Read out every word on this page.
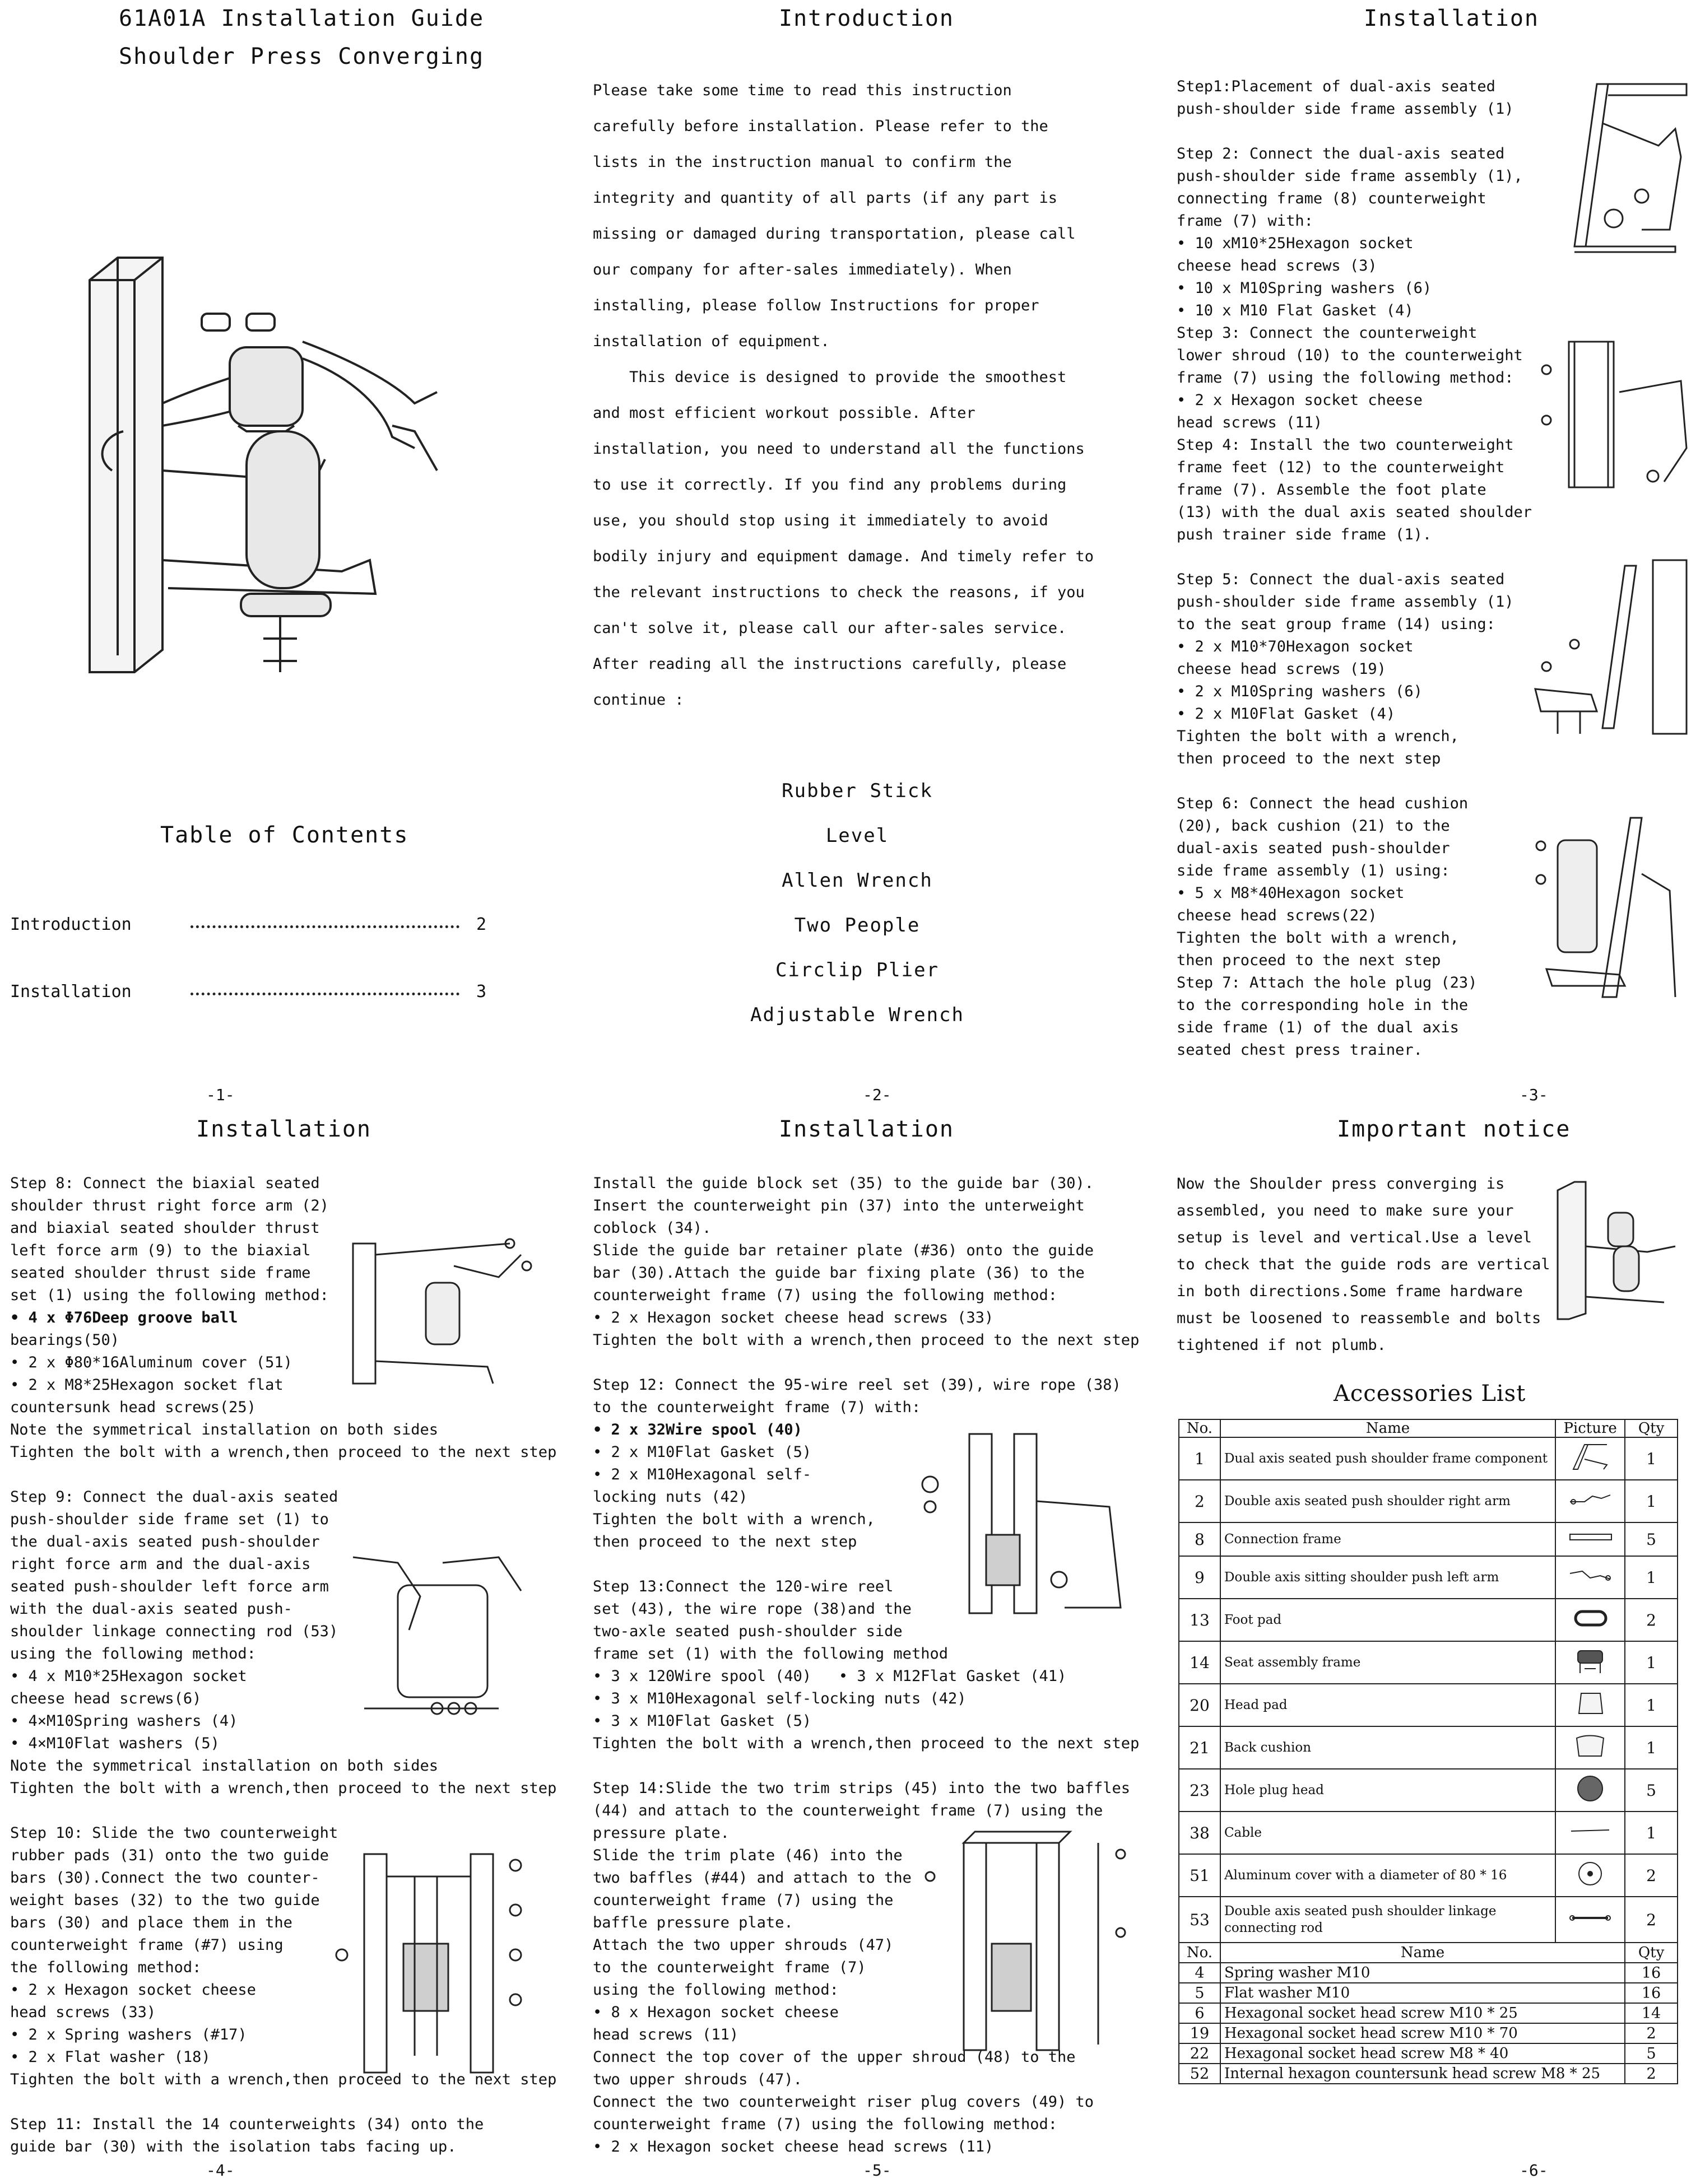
61A01A Installation Guide
Shoulder Press Converging
Table of Contents
Introduction	2
Installation	3
-1-
Introduction
Please take some time to read this instruction
carefully before installation. Please refer to the
lists in the instruction manual to confirm the
integrity and quantity of all parts (if any part is
missing or damaged during transportation, please call
our company for after-sales immediately). When
installing, please follow Instructions for proper
installation of equipment.
This device is designed to provide the smoothest
and most efficient workout possible. After
installation, you need to understand all the functions
to use it correctly. If you find any problems during
use, you should stop using it immediately to avoid
bodily injury and equipment damage. And timely refer to
the relevant instructions to check the reasons, if you
can't solve it, please call our after-sales service.
After reading all the instructions carefully, please
continue :
Rubber Stick
Level
Allen Wrench
Two People
Circlip Plier
Adjustable Wrench
-2-
Installation
Step1:Placement of dual-axis seated
push-shoulder side frame assembly (1)

Step 2: Connect the dual-axis seated
push-shoulder side frame assembly (1),
connecting frame (8) counterweight
frame (7) with:
• 10 xM10*25Hexagon socket
cheese head screws (3)
• 10 x M10Spring washers (6)
• 10 x M10 Flat Gasket (4)
Step 3: Connect the counterweight
lower shroud (10) to the counterweight
frame (7) using the following method:
• 2 x Hexagon socket cheese
head screws (11)
Step 4: Install the two counterweight
frame feet (12) to the counterweight
frame (7). Assemble the foot plate
(13) with the dual axis seated shoulder
push trainer side frame (1).

Step 5: Connect the dual-axis seated
push-shoulder side frame assembly (1)
to the seat group frame (14) using:
• 2 x M10*70Hexagon socket
cheese head screws (19)
• 2 x M10Spring washers (6)
• 2 x M10Flat Gasket (4)
Tighten the bolt with a wrench,
then proceed to the next step

Step 6: Connect the head cushion
(20), back cushion (21) to the
dual-axis seated push-shoulder
side frame assembly (1) using:
• 5 x M8*40Hexagon socket
cheese head screws(22)
Tighten the bolt with a wrench,
then proceed to the next step
Step 7: Attach the hole plug (23)
to the corresponding hole in the
side frame (1) of the dual axis
seated chest press trainer.
-3-
Installation
Step 8: Connect the biaxial seated
shoulder thrust right force arm (2)
and biaxial seated shoulder thrust
left force arm (9) to the biaxial
seated shoulder thrust side frame
set (1) using the following method:
• 4 x Φ76Deep groove ball
bearings(50)
• 2 x Φ80*16Aluminum cover (51)
• 2 x M8*25Hexagon socket flat
countersunk head screws(25)
Note the symmetrical installation on both sides
Tighten the bolt with a wrench,then proceed to the next step

Step 9: Connect the dual-axis seated
push-shoulder side frame set (1) to
the dual-axis seated push-shoulder
right force arm and the dual-axis
seated push-shoulder left force arm
with the dual-axis seated push-
shoulder linkage connecting rod (53)
using the following method:
• 4 x M10*25Hexagon socket
cheese head screws(6)
• 4×M10Spring washers (4)
• 4×M10Flat washers (5)
Note the symmetrical installation on both sides
Tighten the bolt with a wrench,then proceed to the next step

Step 10: Slide the two counterweight
rubber pads (31) onto the two guide
bars (30).Connect the two counter-
weight bases (32) to the two guide
bars (30) and place them in the
counterweight frame (#7) using
the following method:
• 2 x Hexagon socket cheese
head screws (33)
• 2 x Spring washers (#17)
• 2 x Flat washer (18)
Tighten the bolt with a wrench,then proceed to the next step

Step 11: Install the 14 counterweights (34) onto the
guide bar (30) with the isolation tabs facing up.
-4-
Installation
Install the guide block set (35) to the guide bar (30).
Insert the counterweight pin (37) into the unterweight
coblock (34).
Slide the guide bar retainer plate (#36) onto the guide
bar (30).Attach the guide bar fixing plate (36) to the
counterweight frame (7) using the following method:
• 2 x Hexagon socket cheese head screws (33)
Tighten the bolt with a wrench,then proceed to the next step

Step 12: Connect the 95-wire reel set (39), wire rope (38)
to the counterweight frame (7) with:
• 2 x 32Wire spool (40)
• 2 x M10Flat Gasket (5)
• 2 x M10Hexagonal self-
locking nuts (42)
Tighten the bolt with a wrench,
then proceed to the next step

Step 13:Connect the 120-wire reel
set (43), the wire rope (38)and the
two-axle seated push-shoulder side
frame set (1) with the following method
• 3 x 120Wire spool (40)   • 3 x M12Flat Gasket (41)
• 3 x M10Hexagonal self-locking nuts (42)
• 3 x M10Flat Gasket (5)
Tighten the bolt with a wrench,then proceed to the next step

Step 14:Slide the two trim strips (45) into the two baffles
(44) and attach to the counterweight frame (7) using the
pressure plate.
Slide the trim plate (46) into the
two baffles (#44) and attach to the
counterweight frame (7) using the
baffle pressure plate.
Attach the two upper shrouds (47)
to the counterweight frame (7)
using the following method:
• 8 x Hexagon socket cheese
head screws (11)
Connect the top cover of the upper shroud (48) to the
two upper shrouds (47).
Connect the two counterweight riser plug covers (49) to
counterweight frame (7) using the following method:
• 2 x Hexagon socket cheese head screws (11)
-5-
Important notice
Now the Shoulder press converging is
assembled, you need to make sure your
setup is level and vertical.Use a level
to check that the guide rods are vertical
in both directions.Some frame hardware
must be loosened to reassemble and bolts
tightened if not plumb.
Accessories List
No.	Name	Picture	Qty
1	Dual axis seated push shoulder frame component		1
2	Double axis seated push shoulder right arm		1
8	Connection frame		5
9	Double axis sitting shoulder push left arm		1
13	Foot pad		2
14	Seat assembly frame		1
20	Head pad		1
21	Back cushion		1
23	Hole plug head		5
38	Cable		1
51	Aluminum cover with a diameter of 80 * 16		2
53	Double axis seated push shoulder linkage connecting rod		2
No.	Name		Qty
4	Spring washer M10		16
5	Flat washer M10		16
6	Hexagonal socket head screw M10 * 25		14
19	Hexagonal socket head screw M10 * 70		2
22	Hexagonal socket head screw M8 * 40		5
52	Internal hexagon countersunk head screw M8 * 25		2
-6-
